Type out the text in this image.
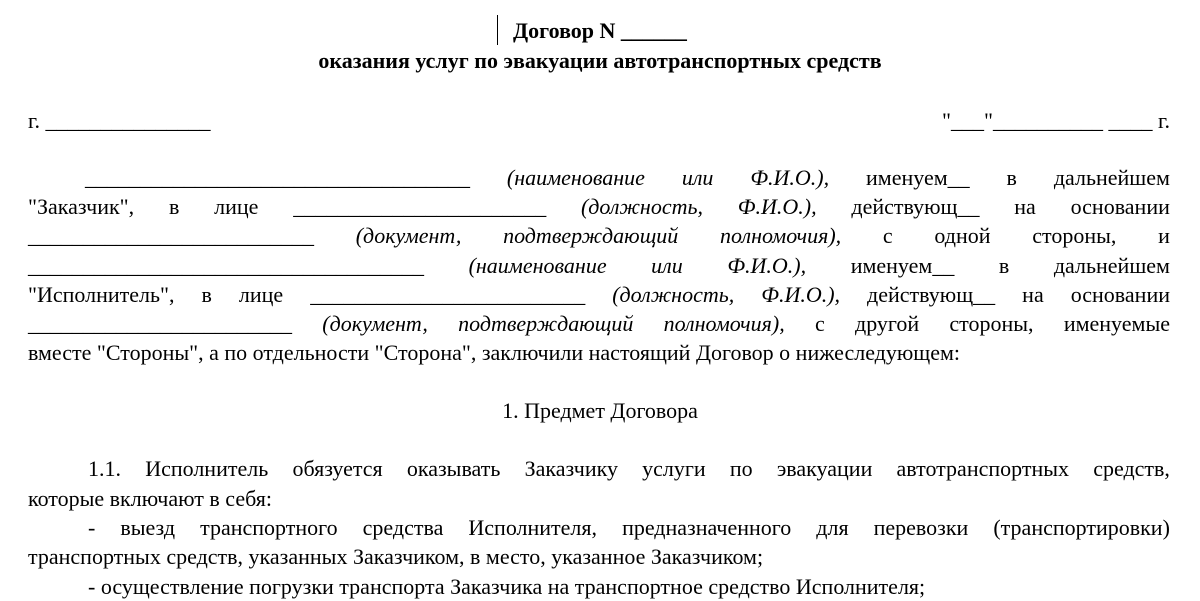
Договор N ______
оказания услуг по эвакуации автотранспортных средств
г. _______________	"___"__________ ____ г.
___________________________________ (наименование или Ф.И.О.), именуем__ в дальнейшем
"Заказчик", в лице _______________________ (должность, Ф.И.О.), действующ__ на основании
__________________________ (документ, подтверждающий полномочия), с одной стороны, и
____________________________________ (наименование или Ф.И.О.), именуем__ в дальнейшем
"Исполнитель", в лице _________________________ (должность, Ф.И.О.), действующ__ на основании
________________________ (документ, подтверждающий полномочия), с другой стороны, именуемые
вместе "Стороны", а по отдельности "Сторона", заключили настоящий Договор о нижеследующем:
1. Предмет Договора
1.1. Исполнитель обязуется оказывать Заказчику услуги по эвакуации автотранспортных средств,
которые включают в себя:
- выезд транспортного средства Исполнителя, предназначенного для перевозки (транспортировки)
транспортных средств, указанных Заказчиком, в место, указанное Заказчиком;
- осуществление погрузки транспорта Заказчика на транспортное средство Исполнителя;
